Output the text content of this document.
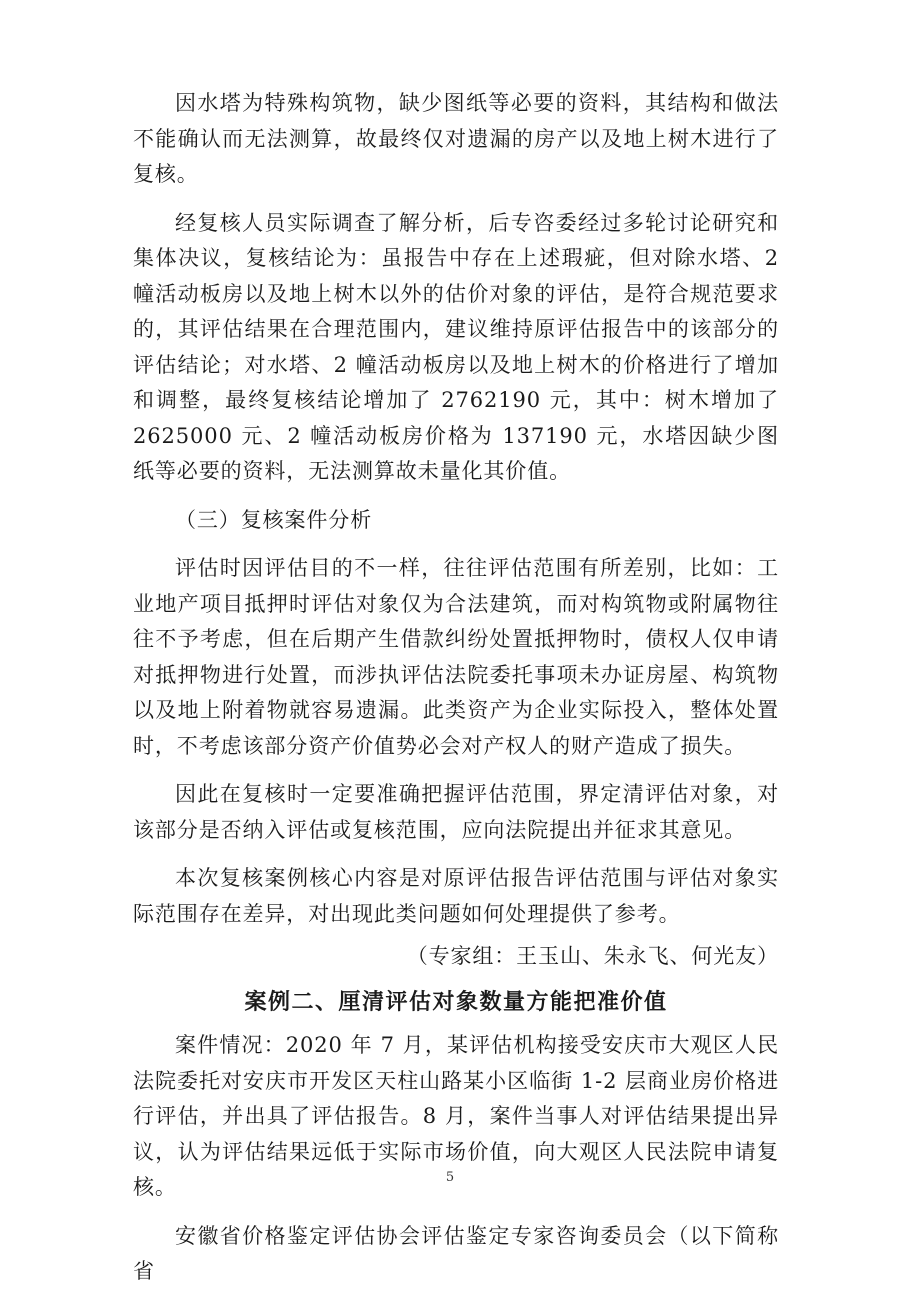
因水塔为特殊构筑物，缺少图纸等必要的资料，其结构和做法不能确认而无法测算，故最终仅对遗漏的房产以及地上树木进行了复核。

经复核人员实际调查了解分析，后专咨委经过多轮讨论研究和集体决议，复核结论为：虽报告中存在上述瑕疵，但对除水塔、2 幢活动板房以及地上树木以外的估价对象的评估，是符合规范要求的，其评估结果在合理范围内，建议维持原评估报告中的该部分的评估结论；对水塔、2 幢活动板房以及地上树木的价格进行了增加和调整，最终复核结论增加了 2762190 元，其中：树木增加了 2625000 元、2 幢活动板房价格为 137190 元，水塔因缺少图纸等必要的资料，无法测算故未量化其价值。

（三）复核案件分析

评估时因评估目的不一样，往往评估范围有所差别，比如：工业地产项目抵押时评估对象仅为合法建筑，而对构筑物或附属物往往不予考虑，但在后期产生借款纠纷处置抵押物时，债权人仅申请对抵押物进行处置，而涉执评估法院委托事项未办证房屋、构筑物以及地上附着物就容易遗漏。此类资产为企业实际投入，整体处置时，不考虑该部分资产价值势必会对产权人的财产造成了损失。

因此在复核时一定要准确把握评估范围，界定清评估对象，对该部分是否纳入评估或复核范围，应向法院提出并征求其意见。

本次复核案例核心内容是对原评估报告评估范围与评估对象实际范围存在差异，对出现此类问题如何处理提供了参考。

（专家组：王玉山、朱永飞、何光友）

案例二、厘清评估对象数量方能把准价值

案件情况：2020 年 7 月，某评估机构接受安庆市大观区人民法院委托对安庆市开发区天柱山路某小区临街 1-2 层商业房价格进行评估，并出具了评估报告。8 月，案件当事人对评估结果提出异议，认为评估结果远低于实际市场价值，向大观区人民法院申请复核。

安徽省价格鉴定评估协会评估鉴定专家咨询委员会（以下简称省

5
